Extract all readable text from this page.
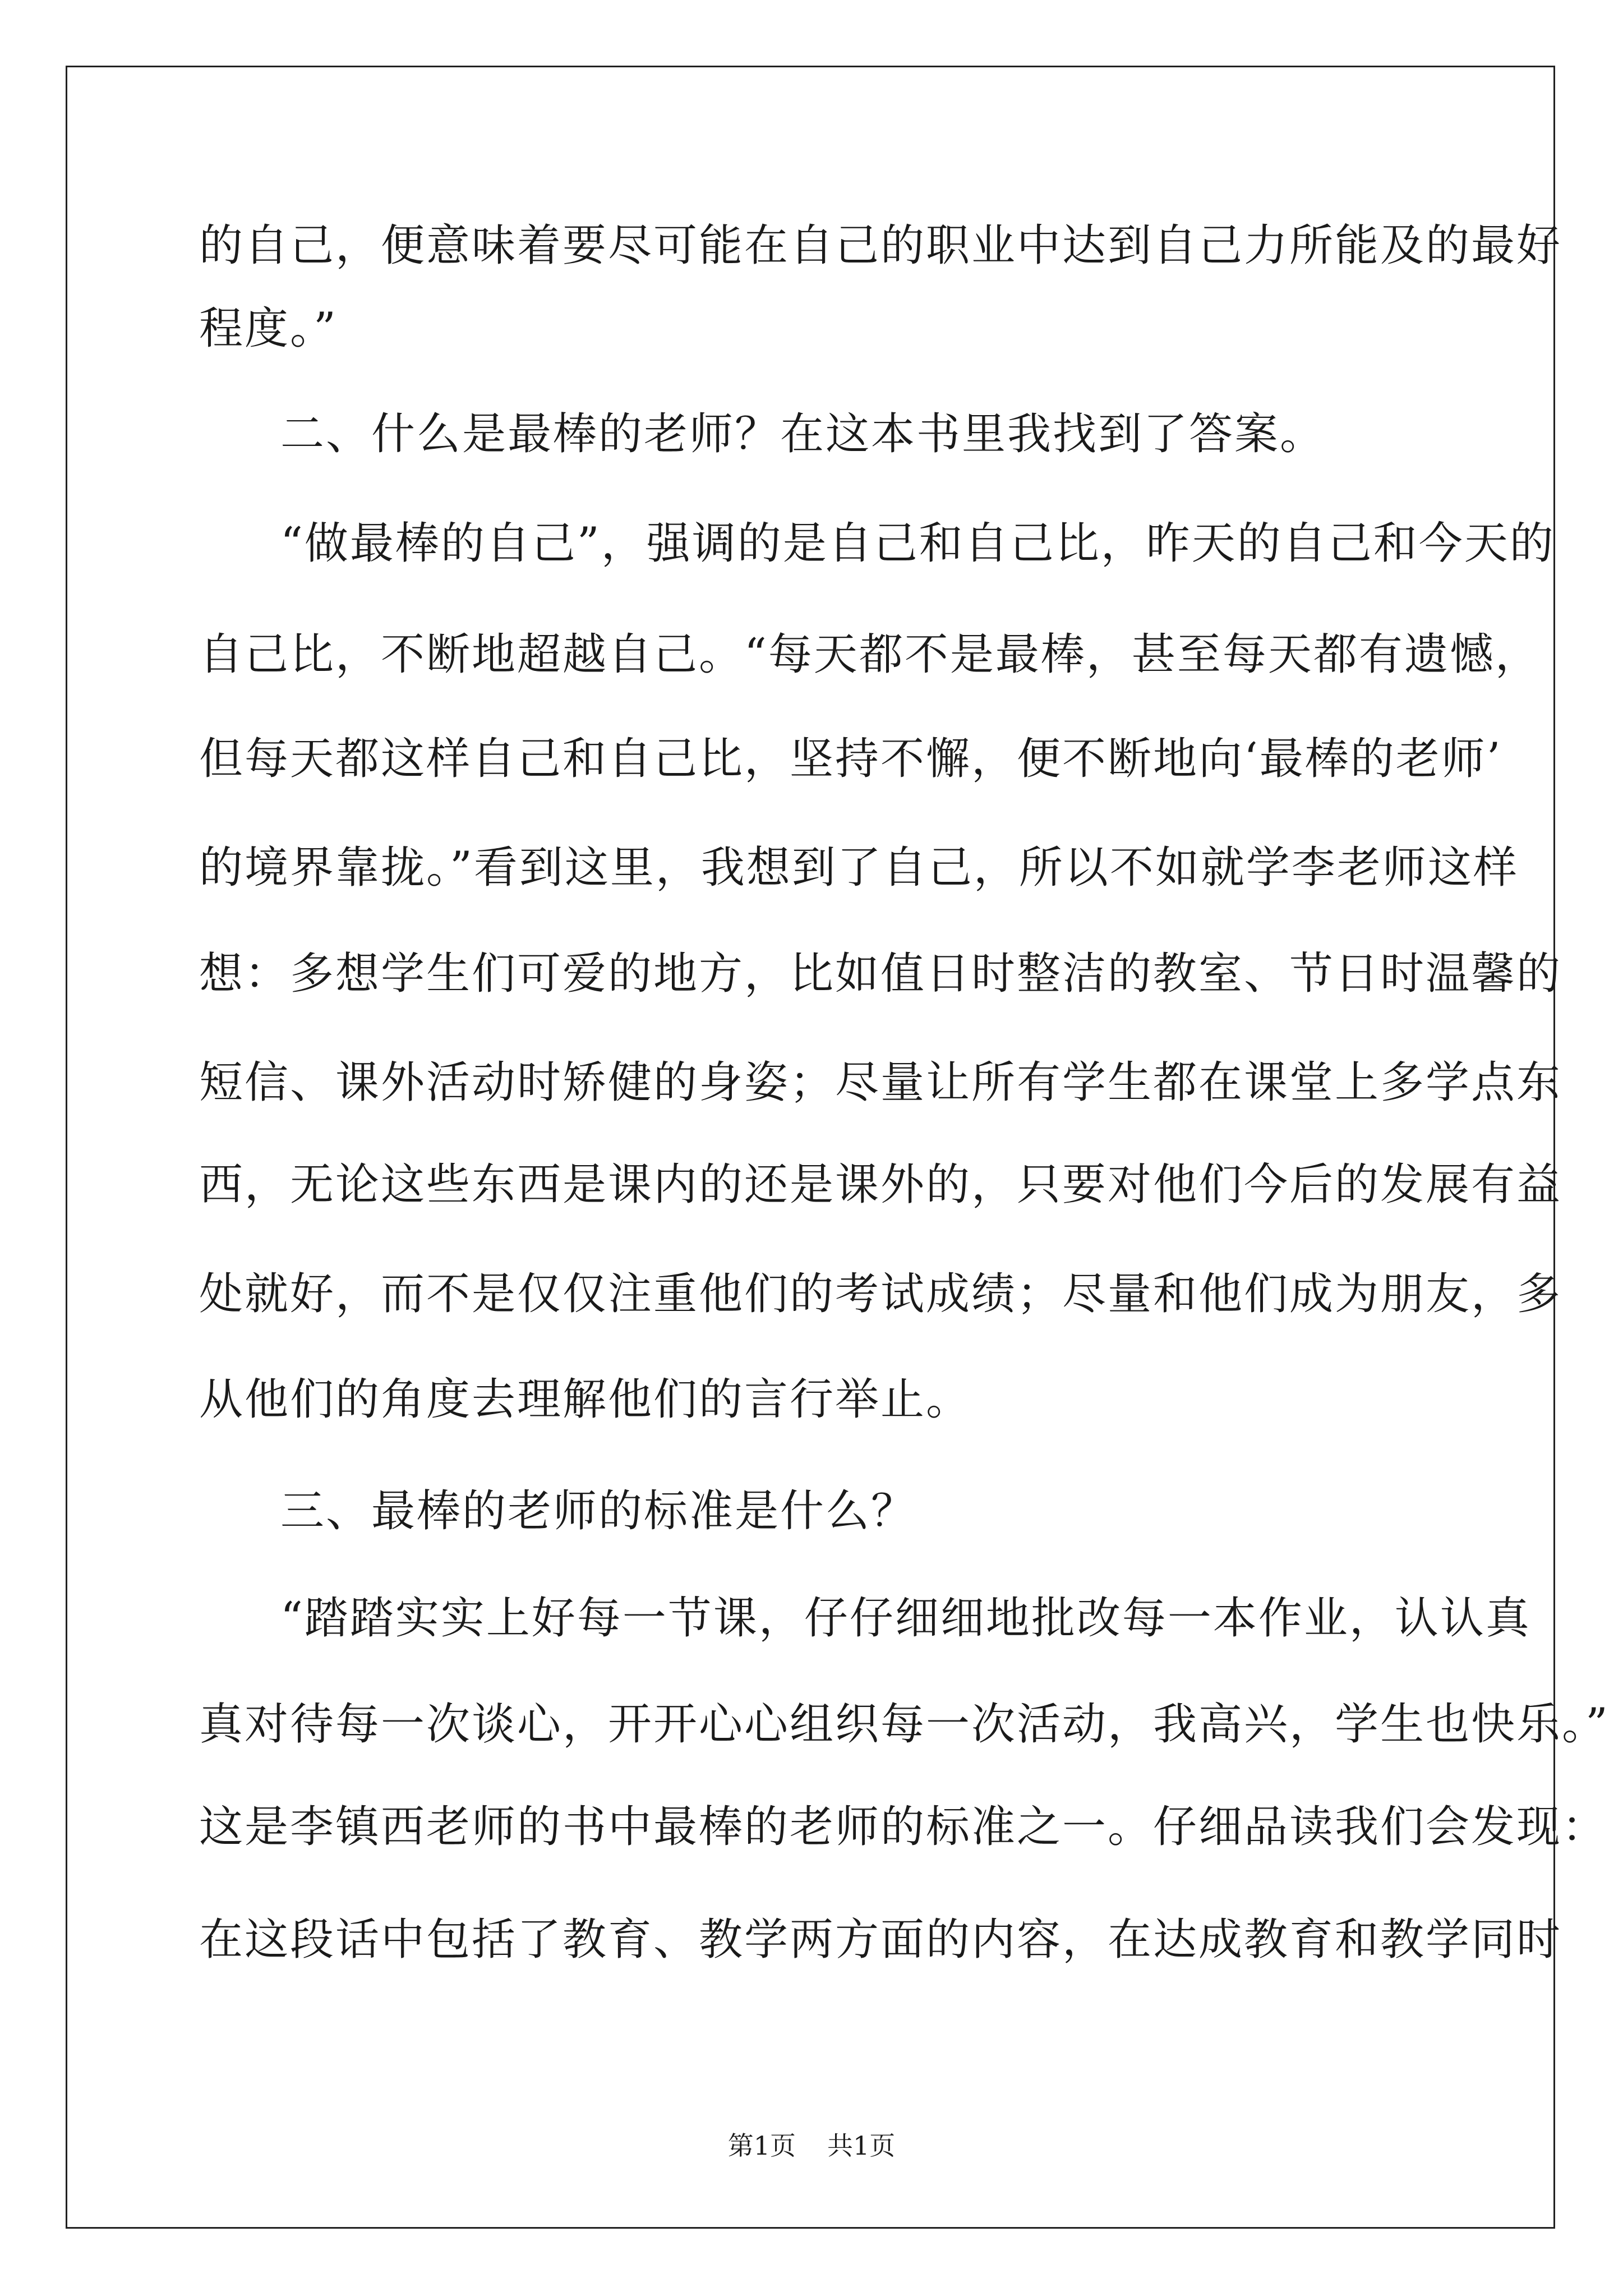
的自己，便意味着要尽可能在自己的职业中达到自己力所能及的最好
程度。”
二、什么是最棒的老师？在这本书里我找到了答案。
“做最棒的自己”，强调的是自己和自己比，昨天的自己和今天的
自己比，不断地超越自己。“每天都不是最棒，甚至每天都有遗憾，
但每天都这样自己和自己比，坚持不懈，便不断地向‘最棒的老师’
的境界靠拢。”看到这里，我想到了自己，所以不如就学李老师这样
想：多想学生们可爱的地方，比如值日时整洁的教室、节日时温馨的
短信、课外活动时矫健的身姿；尽量让所有学生都在课堂上多学点东
西，无论这些东西是课内的还是课外的，只要对他们今后的发展有益
处就好，而不是仅仅注重他们的考试成绩；尽量和他们成为朋友，多
从他们的角度去理解他们的言行举止。
三、最棒的老师的标准是什么？
“踏踏实实上好每一节课，仔仔细细地批改每一本作业，认认真
真对待每一次谈心，开开心心组织每一次活动，我高兴，学生也快乐。”
这是李镇西老师的书中最棒的老师的标准之一。仔细品读我们会发现：
在这段话中包括了教育、教学两方面的内容，在达成教育和教学同时
第1页 共1页
